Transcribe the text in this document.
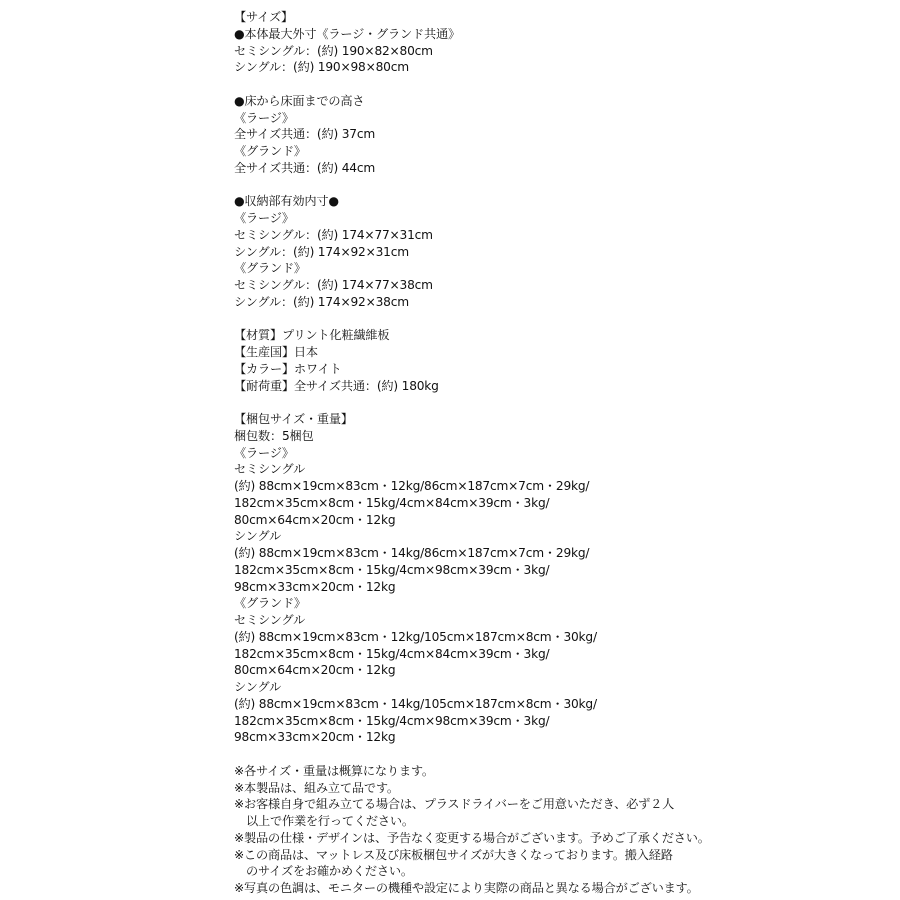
【サイズ】
●本体最大外寸《ラージ・グランド共通》
セミシングル：(約) 190×82×80cm
シングル：(約) 190×98×80cm
●床から床面までの高さ
《ラージ》
全サイズ共通：(約) 37cm
《グランド》
全サイズ共通：(約) 44cm
●収納部有効内寸●
《ラージ》
セミシングル：(約) 174×77×31cm
シングル：(約) 174×92×31cm
《グランド》
セミシングル：(約) 174×77×38cm
シングル：(約) 174×92×38cm
【材質】プリント化粧繊維板
【生産国】日本
【カラー】ホワイト
【耐荷重】全サイズ共通：(約) 180kg
【梱包サイズ・重量】
梱包数：5梱包
《ラージ》
セミシングル
(約) 88cm×19cm×83cm・12kg/86cm×187cm×7cm・29kg/
182cm×35cm×8cm・15kg/4cm×84cm×39cm・3kg/
80cm×64cm×20cm・12kg
シングル
(約) 88cm×19cm×83cm・14kg/86cm×187cm×7cm・29kg/
182cm×35cm×8cm・15kg/4cm×98cm×39cm・3kg/
98cm×33cm×20cm・12kg
《グランド》
セミシングル
(約) 88cm×19cm×83cm・12kg/105cm×187cm×8cm・30kg/
182cm×35cm×8cm・15kg/4cm×84cm×39cm・3kg/
80cm×64cm×20cm・12kg
シングル
(約) 88cm×19cm×83cm・14kg/105cm×187cm×8cm・30kg/
182cm×35cm×8cm・15kg/4cm×98cm×39cm・3kg/
98cm×33cm×20cm・12kg
※各サイズ・重量は概算になります。
※本製品は、組み立て品です。
※お客様自身で組み立てる場合は、プラスドライバーをご用意いただき、必ず２人
以上で作業を行ってください。
※製品の仕様・デザインは、予告なく変更する場合がございます。予めご了承ください。
※この商品は、マットレス及び床板梱包サイズが大きくなっております。搬入経路
のサイズをお確かめください。
※写真の色調は、モニターの機種や設定により実際の商品と異なる場合がございます。
